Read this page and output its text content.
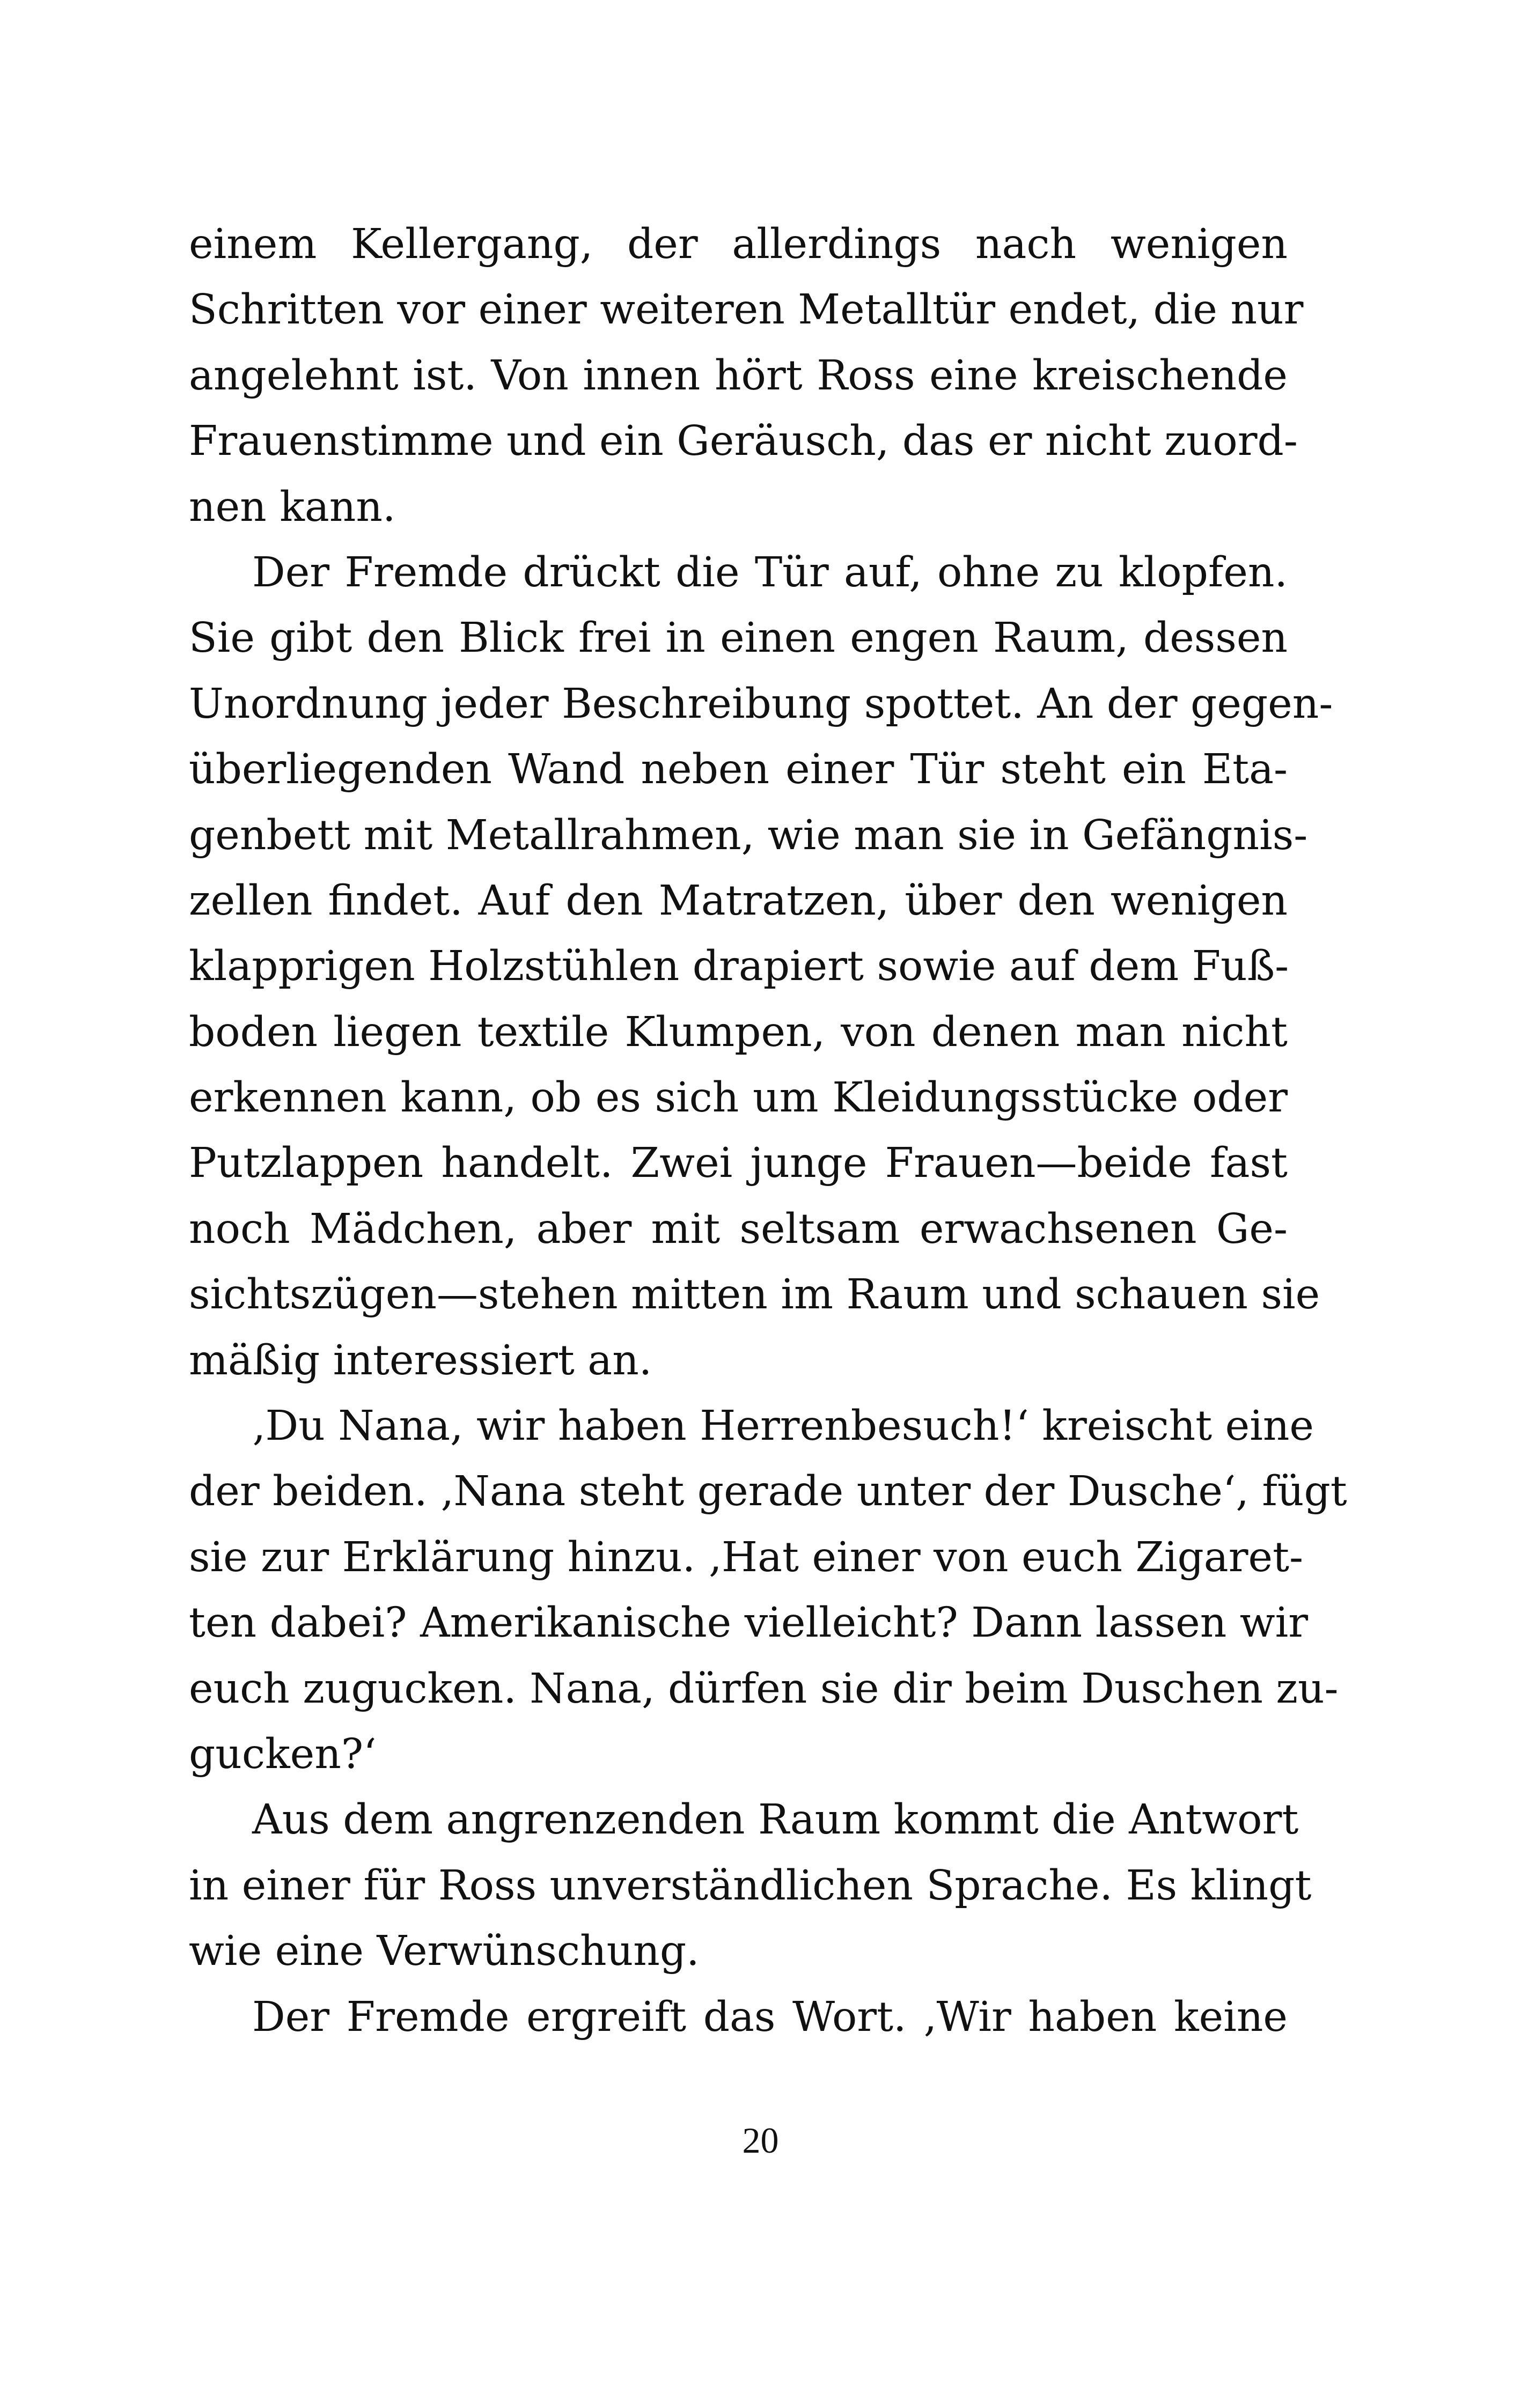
einem Kellergang, der allerdings nach wenigen
Schritten vor einer weiteren Metalltür endet, die nur
angelehnt ist. Von innen hört Ross eine kreischende
Frauenstimme und ein Geräusch, das er nicht zuord-
nen kann.

Der Fremde drückt die Tür auf, ohne zu klopfen.
Sie gibt den Blick frei in einen engen Raum, dessen
Unordnung jeder Beschreibung spottet. An der gegen-
überliegenden Wand neben einer Tür steht ein Eta-
genbett mit Metallrahmen, wie man sie in Gefängnis-
zellen findet. Auf den Matratzen, über den wenigen
klapprigen Holzstühlen drapiert sowie auf dem Fuß-
boden liegen textile Klumpen, von denen man nicht
erkennen kann, ob es sich um Kleidungsstücke oder
Putzlappen handelt. Zwei junge Frauen—beide fast
noch Mädchen, aber mit seltsam erwachsenen Ge-
sichtszügen—stehen mitten im Raum und schauen sie
mäßig interessiert an.

‚Du Nana, wir haben Herrenbesuch!‘ kreischt eine
der beiden. ‚Nana steht gerade unter der Dusche‘, fügt
sie zur Erklärung hinzu. ‚Hat einer von euch Zigaret-
ten dabei? Amerikanische vielleicht? Dann lassen wir
euch zugucken. Nana, dürfen sie dir beim Duschen zu-
gucken?‘

Aus dem angrenzenden Raum kommt die Antwort
in einer für Ross unverständlichen Sprache. Es klingt
wie eine Verwünschung.

Der Fremde ergreift das Wort. ‚Wir haben keine

20
